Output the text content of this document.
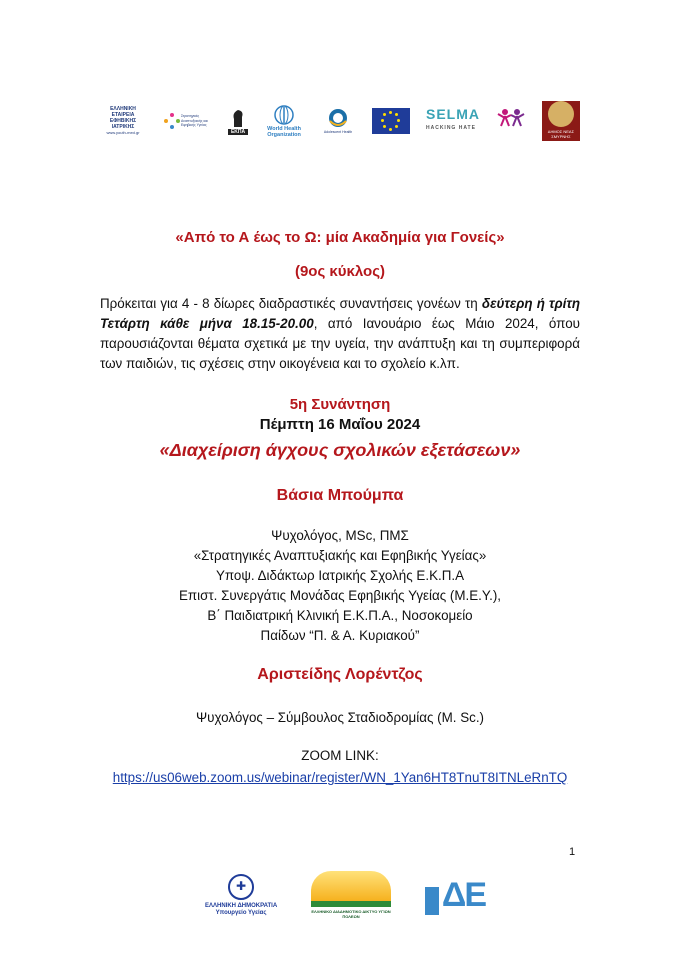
ΕΛΛΗΝΙΚΗ ΕΤΑΙΡΕΙΑ ΕΦΗΒΙΚΗΣ ΙΑΤΡΙΚΗΣ
www.youth-med.gr
Στρατηγικές Αναπτυξιακής και Εφηβικής Υγείας
ΕΚΠΑ	World Health Organization	Adolescent Health
SELMA
HACKING HATE
ΔΗΜΟΣ ΝΕΑΣ ΣΜΥΡΝΗΣ
«Από το Α έως το Ω: μία Ακαδημία για Γονείς»
(9ος κύκλος)
Πρόκειται για 4 - 8 δίωρες διαδραστικές συναντήσεις γονέων τη δεύτερη ή τρίτη Τετάρτη κάθε μήνα 18.15-20.00, από Ιανουάριο έως Μάιο 2024, όπου παρουσιάζονται θέματα σχετικά με την υγεία, την ανάπτυξη και τη συμπεριφορά των παιδιών, τις σχέσεις στην οικογένεια και το σχολείο κ.λπ.
5η Συνάντηση
Πέμπτη 16 Μαΐου 2024
«Διαχείριση άγχους σχολικών εξετάσεων»
Βάσια Μπούμπα
Ψυχολόγος, MSc, ΠΜΣ
«Στρατηγικές Αναπτυξιακής και Εφηβικής Υγείας»
Υποψ. Διδάκτωρ Ιατρικής Σχολής Ε.Κ.Π.Α
Επιστ. Συνεργάτις Μονάδας Εφηβικής Υγείας (Μ.Ε.Υ.),
Β΄ Παιδιατρική Κλινική Ε.Κ.Π.Α., Νοσοκομείο
Παίδων “Π. & Α. Κυριακού”
Αριστείδης Λορέντζος
Ψυχολόγος – Σύμβουλος Σταδιοδρομίας (M. Sc.)
ZOOM LINK:
https://us06web.zoom.us/webinar/register/WN_1Yan6HT8TnuT8ITNLeRnTQ
1
✚
ΕΛΛΗΝΙΚΗ ΔΗΜΟΚΡΑΤΙΑ
Υπουργείο Υγείας	ΕΛΛΗΝΙΚΟ ΔΙΑΔΗΜΟΤΙΚΟ ΔΙΚΤΥΟ ΥΓΙΩΝ ΠΟΛΕΩΝ
ΔΕ
